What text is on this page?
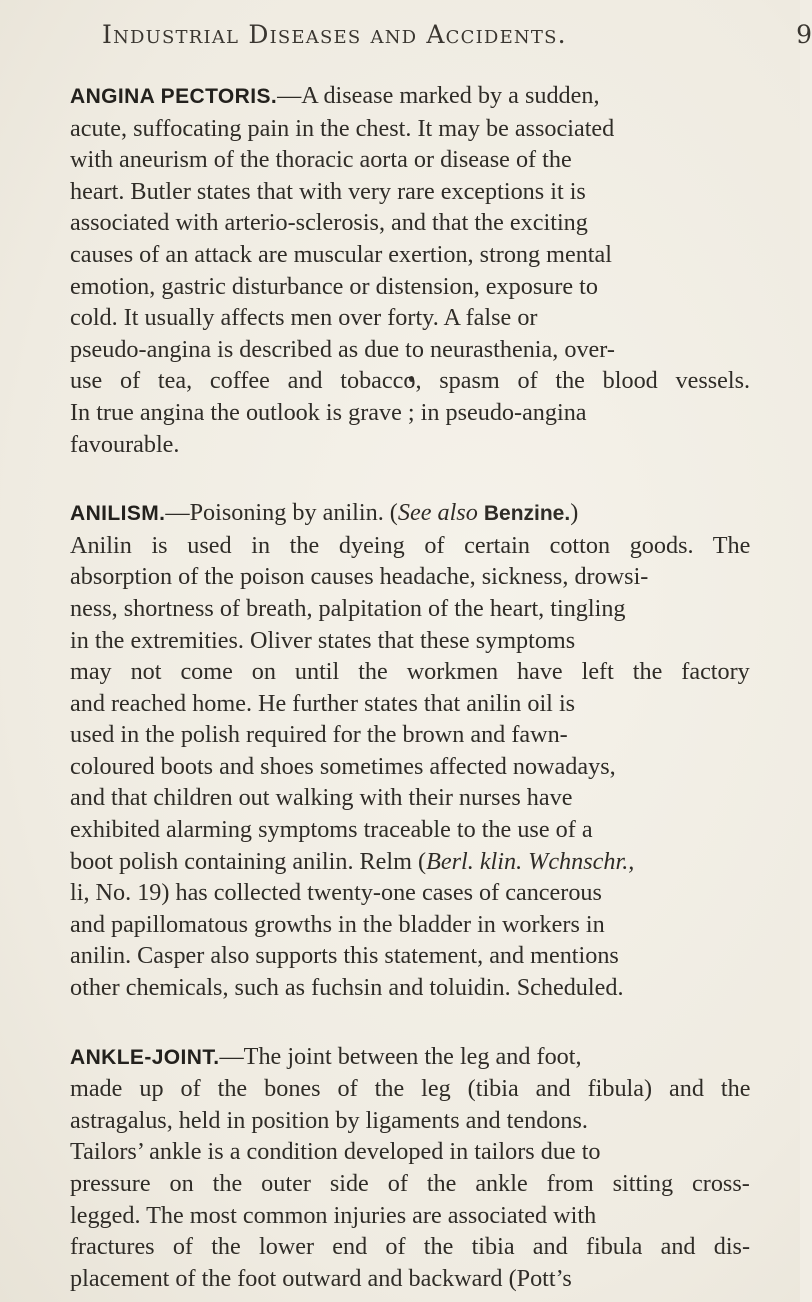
Industrial Diseases and Accidents.	9

ANGINA PECTORIS.—A disease marked by a sudden,
acute, suffocating pain in the chest. It may be associated
with aneurism of the thoracic aorta or disease of the
heart. Butler states that with very rare exceptions it is
associated with arterio-sclerosis, and that the exciting
causes of an attack are muscular exertion, strong mental
emotion, gastric disturbance or distension, exposure to
cold. It usually affects men over forty. A false or
pseudo-angina is described as due to neurasthenia, over-
use of tea, coffee and tobacco, spasm of the blood vessels.
In true angina the outlook is grave ; in pseudo-angina
favourable.

ANILISM.—Poisoning by anilin. (See also Benzine.)
Anilin is used in the dyeing of certain cotton goods. The
absorption of the poison causes headache, sickness, drowsi-
ness, shortness of breath, palpitation of the heart, tingling
in the extremities. Oliver states that these symptoms
may not come on until the workmen have left the factory
and reached home. He further states that anilin oil is
used in the polish required for the brown and fawn-
coloured boots and shoes sometimes affected nowadays,
and that children out walking with their nurses have
exhibited alarming symptoms traceable to the use of a
boot polish containing anilin. Relm (Berl. klin. Wchnschr.,
li, No. 19) has collected twenty-one cases of cancerous
and papillomatous growths in the bladder in workers in
anilin. Casper also supports this statement, and mentions
other chemicals, such as fuchsin and toluidin. Scheduled.

ANKLE-JOINT.—The joint between the leg and foot,
made up of the bones of the leg (tibia and fibula) and the
astragalus, held in position by ligaments and tendons.
Tailors’ ankle is a condition developed in tailors due to
pressure on the outer side of the ankle from sitting cross-
legged. The most common injuries are associated with
fractures of the lower end of the tibia and fibula and dis-
placement of the foot outward and backward (Pott’s
